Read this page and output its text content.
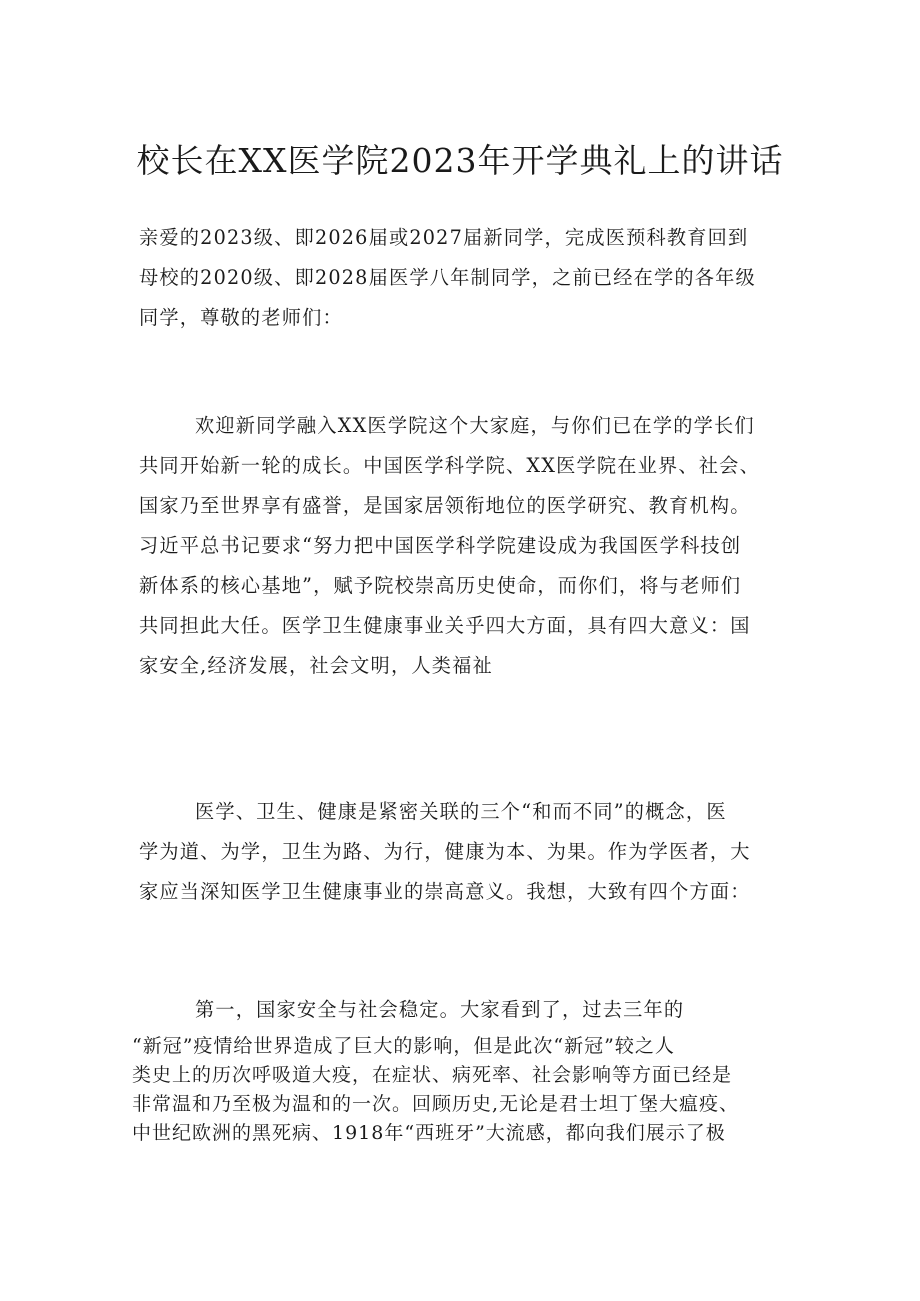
校长在XX医学院2023年开学典礼上的讲话
亲爱的2023级、即2026届或2027届新同学，完成医预科教育回到
母校的2020级、即2028届医学八年制同学，之前已经在学的各年级
同学，尊敬的老师们：
欢迎新同学融入XX医学院这个大家庭，与你们已在学的学长们
共同开始新一轮的成长。中国医学科学院、XX医学院在业界、社会、
国家乃至世界享有盛誉，是国家居领衔地位的医学研究、教育机构。
习近平总书记要求“努力把中国医学科学院建设成为我国医学科技创
新体系的核心基地”，赋予院校崇高历史使命，而你们，将与老师们
共同担此大任。医学卫生健康事业关乎四大方面，具有四大意义：国
家安全,经济发展，社会文明，人类福祉
医学、卫生、健康是紧密关联的三个“和而不同”的概念，医
学为道、为学，卫生为路、为行，健康为本、为果。作为学医者，大
家应当深知医学卫生健康事业的崇高意义。我想，大致有四个方面：
第一，国家安全与社会稳定。大家看到了，过去三年的
“新冠”疫情给世界造成了巨大的影响，但是此次“新冠”较之人
类史上的历次呼吸道大疫，在症状、病死率、社会影响等方面已经是
非常温和乃至极为温和的一次。回顾历史,无论是君士坦丁堡大瘟疫、
中世纪欧洲的黑死病、1918年“西班牙”大流感，都向我们展示了极
